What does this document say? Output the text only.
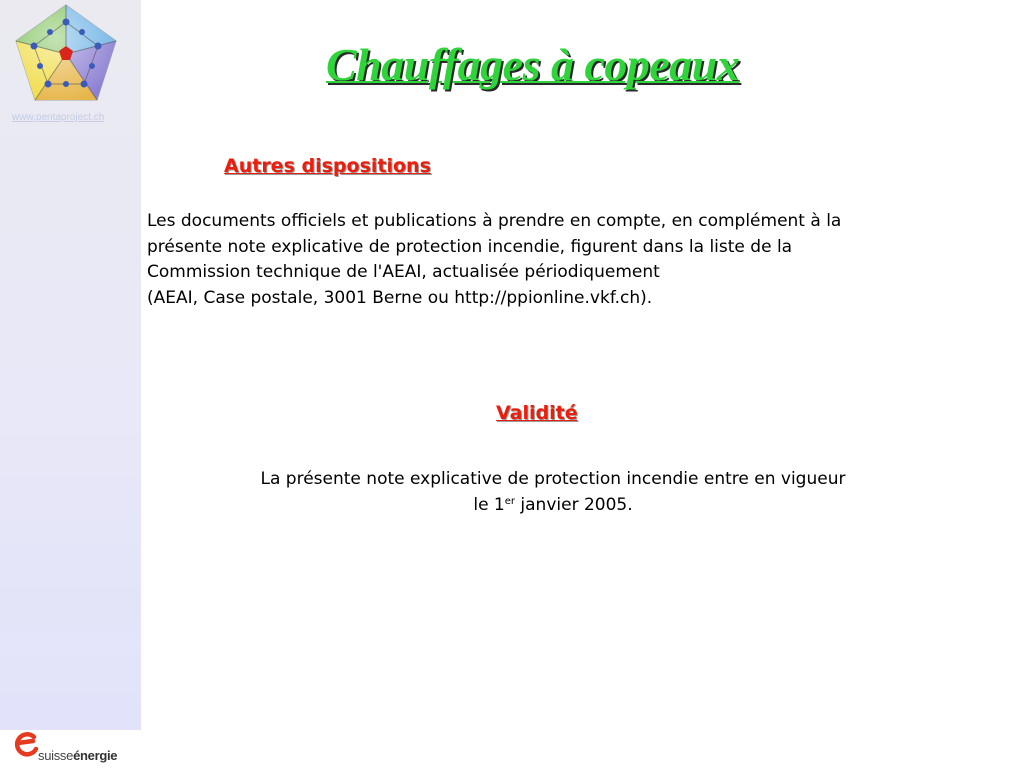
www.pentaproject.ch
suisseénergie
Chauffages à copeaux
Autres dispositions
Les documents officiels et publications à prendre en compte, en complément à la
présente note explicative de protection incendie, figurent dans la liste de la
Commission technique de l'AEAI, actualisée périodiquement
(AEAI, Case postale, 3001 Berne ou http://ppionline.vkf.ch).
Validité
La présente note explicative de protection incendie entre en vigueur
le 1er janvier 2005.
